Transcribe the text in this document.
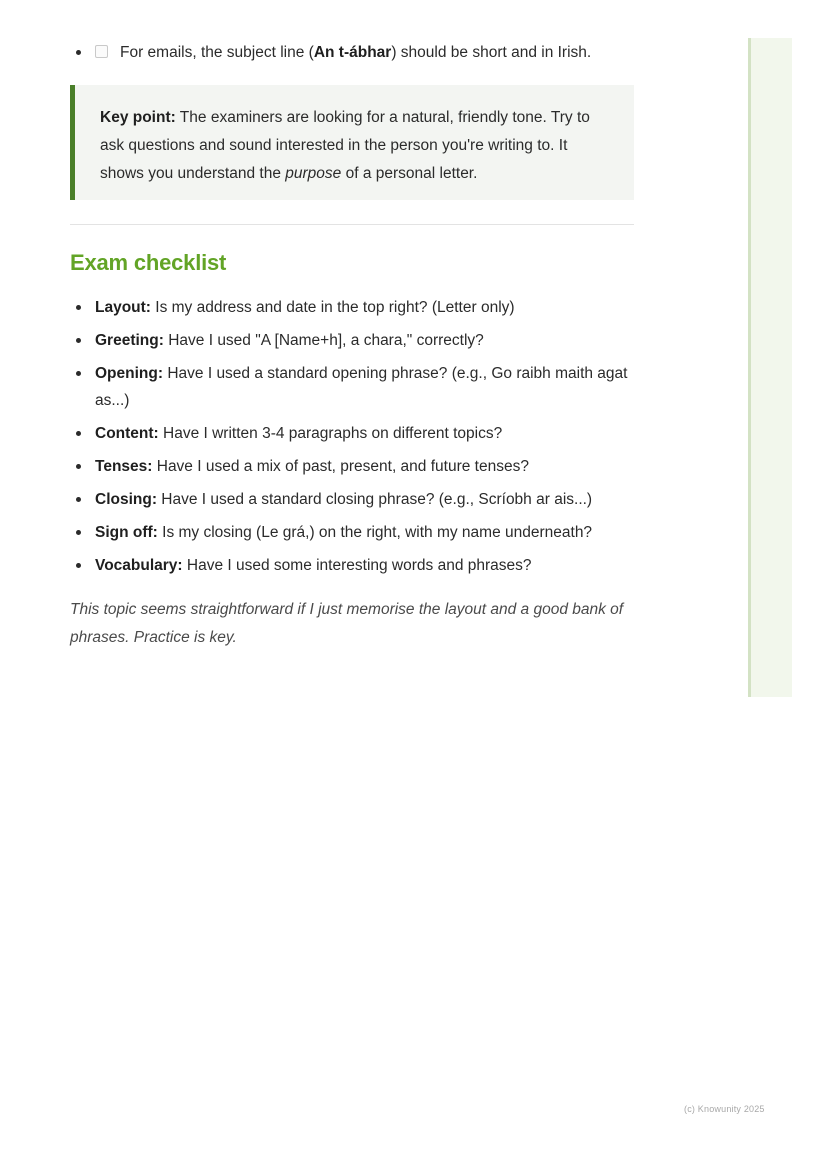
For emails, the subject line (An t-ábhar) should be short and in Irish.
Key point: The examiners are looking for a natural, friendly tone. Try to ask questions and sound interested in the person you're writing to. It shows you understand the purpose of a personal letter.
Exam checklist
Layout: Is my address and date in the top right? (Letter only)
Greeting: Have I used "A [Name+h], a chara," correctly?
Opening: Have I used a standard opening phrase? (e.g., Go raibh maith agat as...)
Content: Have I written 3-4 paragraphs on different topics?
Tenses: Have I used a mix of past, present, and future tenses?
Closing: Have I used a standard closing phrase? (e.g., Scríobh ar ais...)
Sign off: Is my closing (Le grá,) on the right, with my name underneath?
Vocabulary: Have I used some interesting words and phrases?

This topic seems straightforward if I just memorise the layout and a good bank of phrases. Practice is key.

(c) Knowunity 2025
